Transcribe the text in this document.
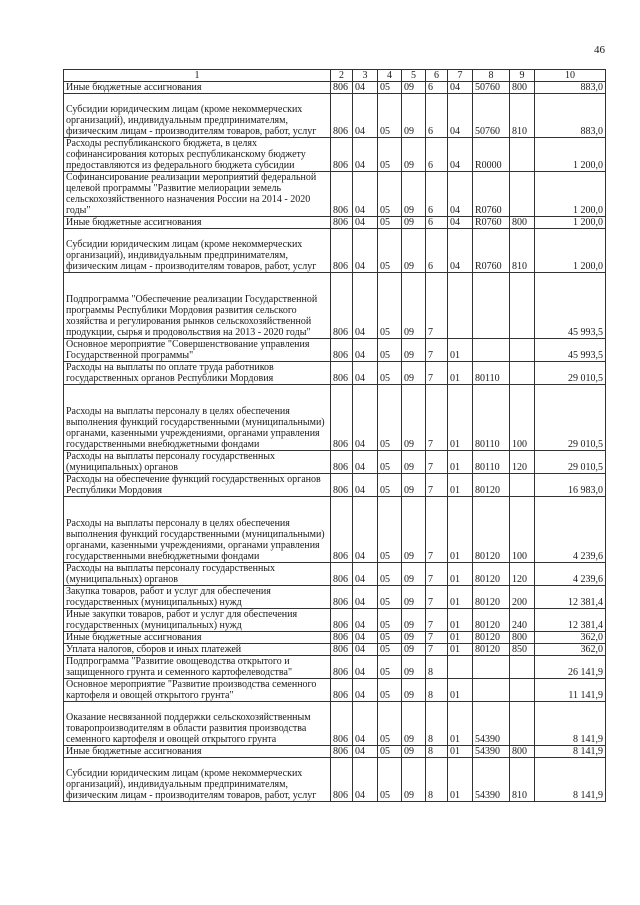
46
1	2	3	4	5	6	7	8	9	10
Иные бюджетные ассигнования	806	04	05	09	6	04	50760	800	883,0
Субсидии юридическим лицам (кроме некоммерческих организаций), индивидуальным предпринимателям, физическим лицам - производителям товаров, работ, услуг	806	04	05	09	6	04	50760	810	883,0
Расходы республиканского бюджета, в целях софинансирования которых республиканскому бюджету предоставляются из федерального бюджета субсидии	806	04	05	09	6	04	R0000		1 200,0
Софинансирование реализации мероприятий федеральной целевой программы "Развитие мелиорации земель сельскохозяйственного назначения России на 2014 - 2020 годы"	806	04	05	09	6	04	R0760		1 200,0
Иные бюджетные ассигнования	806	04	05	09	6	04	R0760	800	1 200,0
Субсидии юридическим лицам (кроме некоммерческих организаций), индивидуальным предпринимателям, физическим лицам - производителям товаров, работ, услуг	806	04	05	09	6	04	R0760	810	1 200,0
Подпрограмма "Обеспечение реализации Государственной программы Республики Мордовия развития сельского хозяйства и регулирования рынков сельскохозяйственной продукции, сырья и продовольствия на 2013 - 2020 годы"	806	04	05	09	7				45 993,5
Основное мероприятие "Совершенствование управления Государственной программы"	806	04	05	09	7	01			45 993,5
Расходы на выплаты по оплате труда работников государственных органов Республики Мордовия	806	04	05	09	7	01	80110		29 010,5
Расходы на выплаты персоналу в целях обеспечения выполнения функций государственными (муниципальными) органами, казенными учреждениями, органами управления государственными внебюджетными фондами	806	04	05	09	7	01	80110	100	29 010,5
Расходы на выплаты персоналу государственных (муниципальных) органов	806	04	05	09	7	01	80110	120	29 010,5
Расходы на обеспечение функций государственных органов Республики Мордовия	806	04	05	09	7	01	80120		16 983,0
Расходы на выплаты персоналу в целях обеспечения выполнения функций государственными (муниципальными) органами, казенными учреждениями, органами управления государственными внебюджетными фондами	806	04	05	09	7	01	80120	100	4 239,6
Расходы на выплаты персоналу государственных (муниципальных) органов	806	04	05	09	7	01	80120	120	4 239,6
Закупка товаров, работ и услуг для обеспечения государственных (муниципальных) нужд	806	04	05	09	7	01	80120	200	12 381,4
Иные закупки товаров, работ и услуг для обеспечения государственных (муниципальных) нужд	806	04	05	09	7	01	80120	240	12 381,4
Иные бюджетные ассигнования	806	04	05	09	7	01	80120	800	362,0
Уплата налогов, сборов и иных платежей	806	04	05	09	7	01	80120	850	362,0
Подпрограмма "Развитие овощеводства открытого и защищенного грунта и семенного картофелеводства"	806	04	05	09	8				26 141,9
Основное мероприятие "Развитие производства семенного картофеля и овощей открытого грунта"	806	04	05	09	8	01			11 141,9
Оказание несвязанной поддержки сельскохозяйственным товаропроизводителям в области развития производства семенного картофеля и овощей открытого грунта	806	04	05	09	8	01	54390		8 141,9
Иные бюджетные ассигнования	806	04	05	09	8	01	54390	800	8 141,9
Субсидии юридическим лицам (кроме некоммерческих организаций), индивидуальным предпринимателям, физическим лицам - производителям товаров, работ, услуг	806	04	05	09	8	01	54390	810	8 141,9
